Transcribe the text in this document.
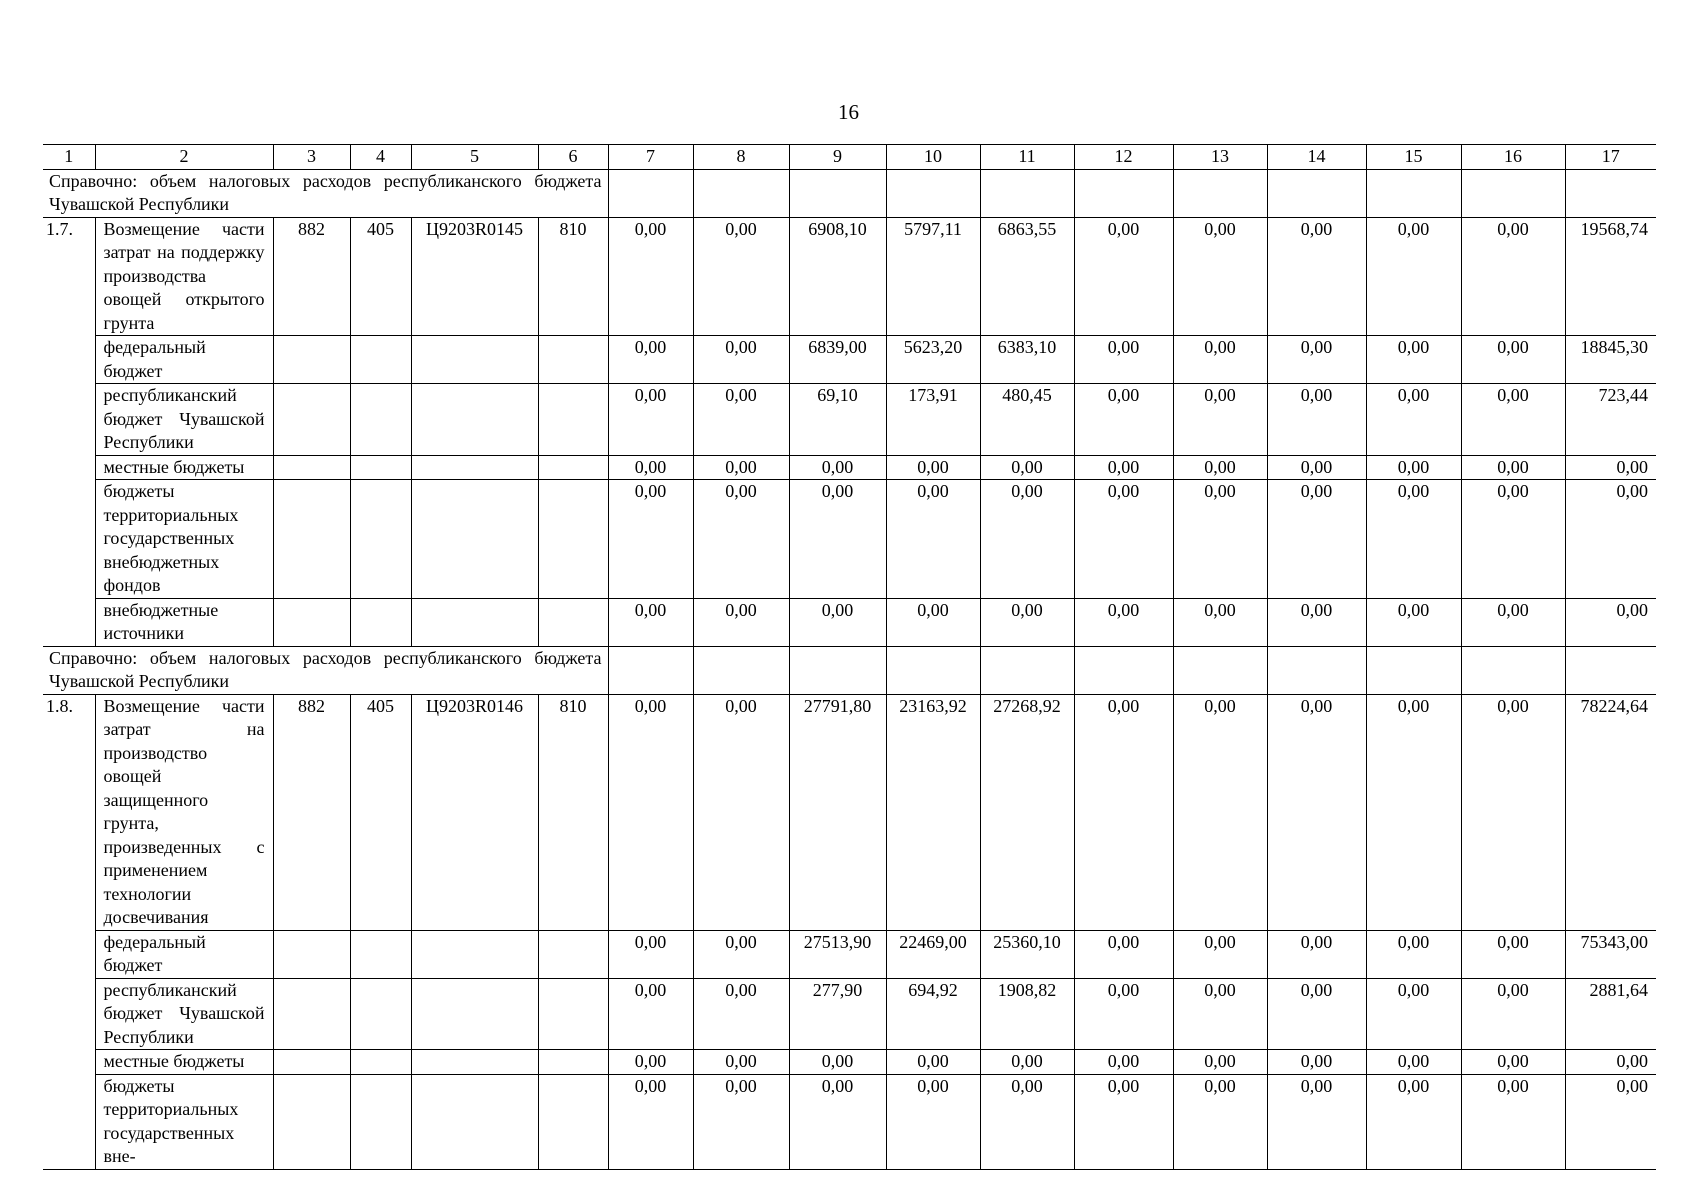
16
1	2	3	4	5	6	7	8	9	10	11	12	13	14	15	16	17
Справочно: объем налоговых расходов республиканского бюджета Чувашской Республики																
1.7.	Возмещение части затрат на поддержку производства овощей открытого грунта	882	405	Ц9203R0145	810	0,00	0,00	6908,10	5797,11	6863,55	0,00	0,00	0,00	0,00	0,00	19568,74
	федеральный бюджет					0,00	0,00	6839,00	5623,20	6383,10	0,00	0,00	0,00	0,00	0,00	18845,30
	республиканский бюджет Чувашской Республики					0,00	0,00	69,10	173,91	480,45	0,00	0,00	0,00	0,00	0,00	723,44
	местные бюджеты					0,00	0,00	0,00	0,00	0,00	0,00	0,00	0,00	0,00	0,00	0,00
	бюджеты территориальных государственных внебюджетных фондов					0,00	0,00	0,00	0,00	0,00	0,00	0,00	0,00	0,00	0,00	0,00
	внебюджетные источники					0,00	0,00	0,00	0,00	0,00	0,00	0,00	0,00	0,00	0,00	0,00
Справочно: объем налоговых расходов республиканского бюджета Чувашской Республики																
1.8.	Возмещение части затрат на производство овощей защищенного грунта, произведенных с применением технологии досвечивания	882	405	Ц9203R0146	810	0,00	0,00	27791,80	23163,92	27268,92	0,00	0,00	0,00	0,00	0,00	78224,64
	федеральный бюджет					0,00	0,00	27513,90	22469,00	25360,10	0,00	0,00	0,00	0,00	0,00	75343,00
	республиканский бюджет Чувашской Республики					0,00	0,00	277,90	694,92	1908,82	0,00	0,00	0,00	0,00	0,00	2881,64
	местные бюджеты					0,00	0,00	0,00	0,00	0,00	0,00	0,00	0,00	0,00	0,00	0,00
	бюджеты территориальных государственных вне-					0,00	0,00	0,00	0,00	0,00	0,00	0,00	0,00	0,00	0,00	0,00
